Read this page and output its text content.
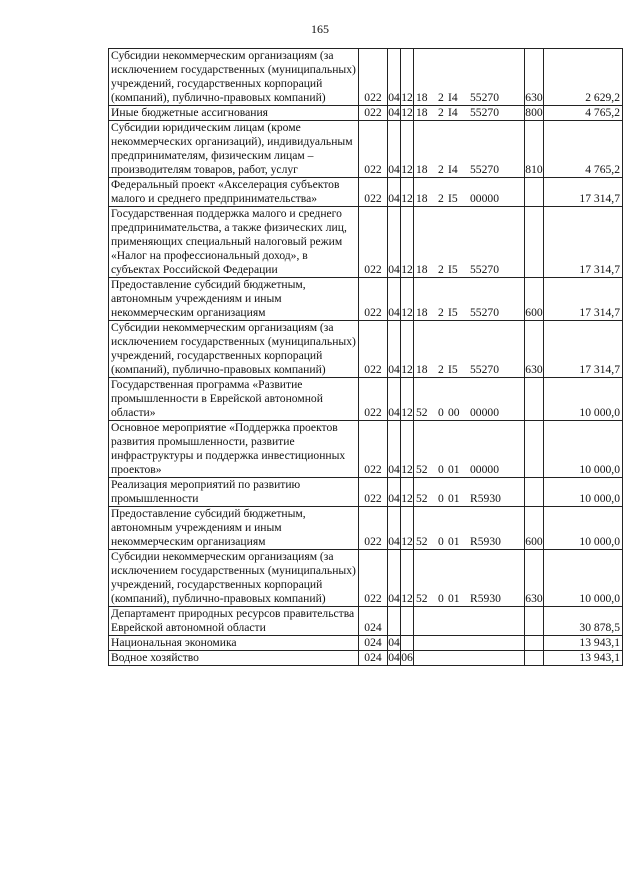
165
Субсидии некоммерческим организациям (за исключением государственных (муниципальных) учреждений, государственных корпораций (компаний), публично-правовых компаний)	022	04	12	18 2 I4 55270	630	2 629,2
Иные бюджетные ассигнования	022	04	12	18 2 I4 55270	800	4 765,2
Субсидии юридическим лицам (кроме некоммерческих организаций), индивидуальным предпринимателям, физическим лицам – производителям товаров, работ, услуг	022	04	12	18 2 I4 55270	810	4 765,2
Федеральный проект «Акселерация субъектов малого и среднего предпринимательства»	022	04	12	18 2 I5 00000		17 314,7
Государственная поддержка малого и среднего предпринимательства, а также физических лиц, применяющих специальный налоговый режим «Налог на профессиональный доход», в субъектах Российской Федерации	022	04	12	18 2 I5 55270		17 314,7
Предоставление субсидий бюджетным, автономным учреждениям и иным некоммерческим организациям	022	04	12	18 2 I5 55270	600	17 314,7
Субсидии некоммерческим организациям (за исключением государственных (муниципальных) учреждений, государственных корпораций (компаний), публично-правовых компаний)	022	04	12	18 2 I5 55270	630	17 314,7
Государственная программа «Развитие промышленности в Еврейской автономной области»	022	04	12	52 0 00 00000		10 000,0
Основное мероприятие «Поддержка проектов развития промышленности, развитие инфраструктуры и поддержка инвестиционных проектов»	022	04	12	52 0 01 00000		10 000,0
Реализация мероприятий по развитию промышленности	022	04	12	52 0 01 R5930		10 000,0
Предоставление субсидий бюджетным, автономным учреждениям и иным некоммерческим организациям	022	04	12	52 0 01 R5930	600	10 000,0
Субсидии некоммерческим организациям (за исключением государственных (муниципальных) учреждений, государственных корпораций (компаний), публично-правовых компаний)	022	04	12	52 0 01 R5930	630	10 000,0
Департамент природных ресурсов правительства Еврейской автономной области	024					30 878,5
Национальная экономика	024	04				13 943,1
Водное хозяйство	024	04	06			13 943,1
